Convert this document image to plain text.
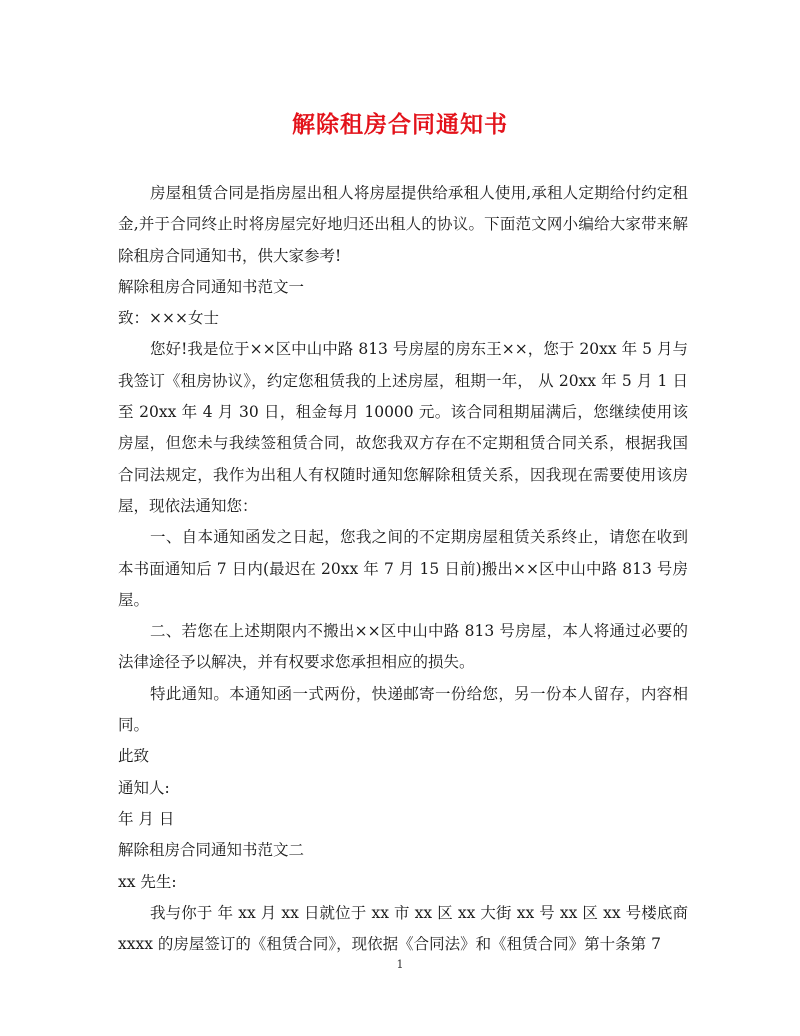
解除租房合同通知书

房屋租赁合同是指房屋出租人将房屋提供给承租人使用,承租人定期给付约定租金,并于合同终止时将房屋完好地归还出租人的协议。下面范文网小编给大家带来解除租房合同通知书，供大家参考!

解除租房合同通知书范文一

致：×××女士

您好!我是位于××区中山中路 813 号房屋的房东王××，您于 20xx 年 5 月与我签订《租房协议》，约定您租赁我的上述房屋，租期一年， 从 20xx 年 5 月 1 日至 20xx 年 4 月 30 日，租金每月 10000 元。该合同租期届满后，您继续使用该房屋，但您未与我续签租赁合同，故您我双方存在不定期租赁合同关系，根据我国合同法规定，我作为出租人有权随时通知您解除租赁关系，因我现在需要使用该房屋，现依法通知您：

一、自本通知函发之日起，您我之间的不定期房屋租赁关系终止，请您在收到本书面通知后 7 日内(最迟在 20xx 年 7 月 15 日前)搬出××区中山中路 813 号房屋。

二、若您在上述期限内不搬出××区中山中路 813 号房屋，本人将通过必要的法律途径予以解决，并有权要求您承担相应的损失。

特此通知。本通知函一式两份，快递邮寄一份给您，另一份本人留存，内容相同。

此致

通知人:

年 月 日

解除租房合同通知书范文二

xx 先生:

我与你于 年 xx 月 xx 日就位于 xx 市 xx 区 xx 大街 xx 号 xx 区 xx 号楼底商 xxxx 的房屋签订的《租赁合同》，现依据《合同法》和《租赁合同》第十条第 7

1
